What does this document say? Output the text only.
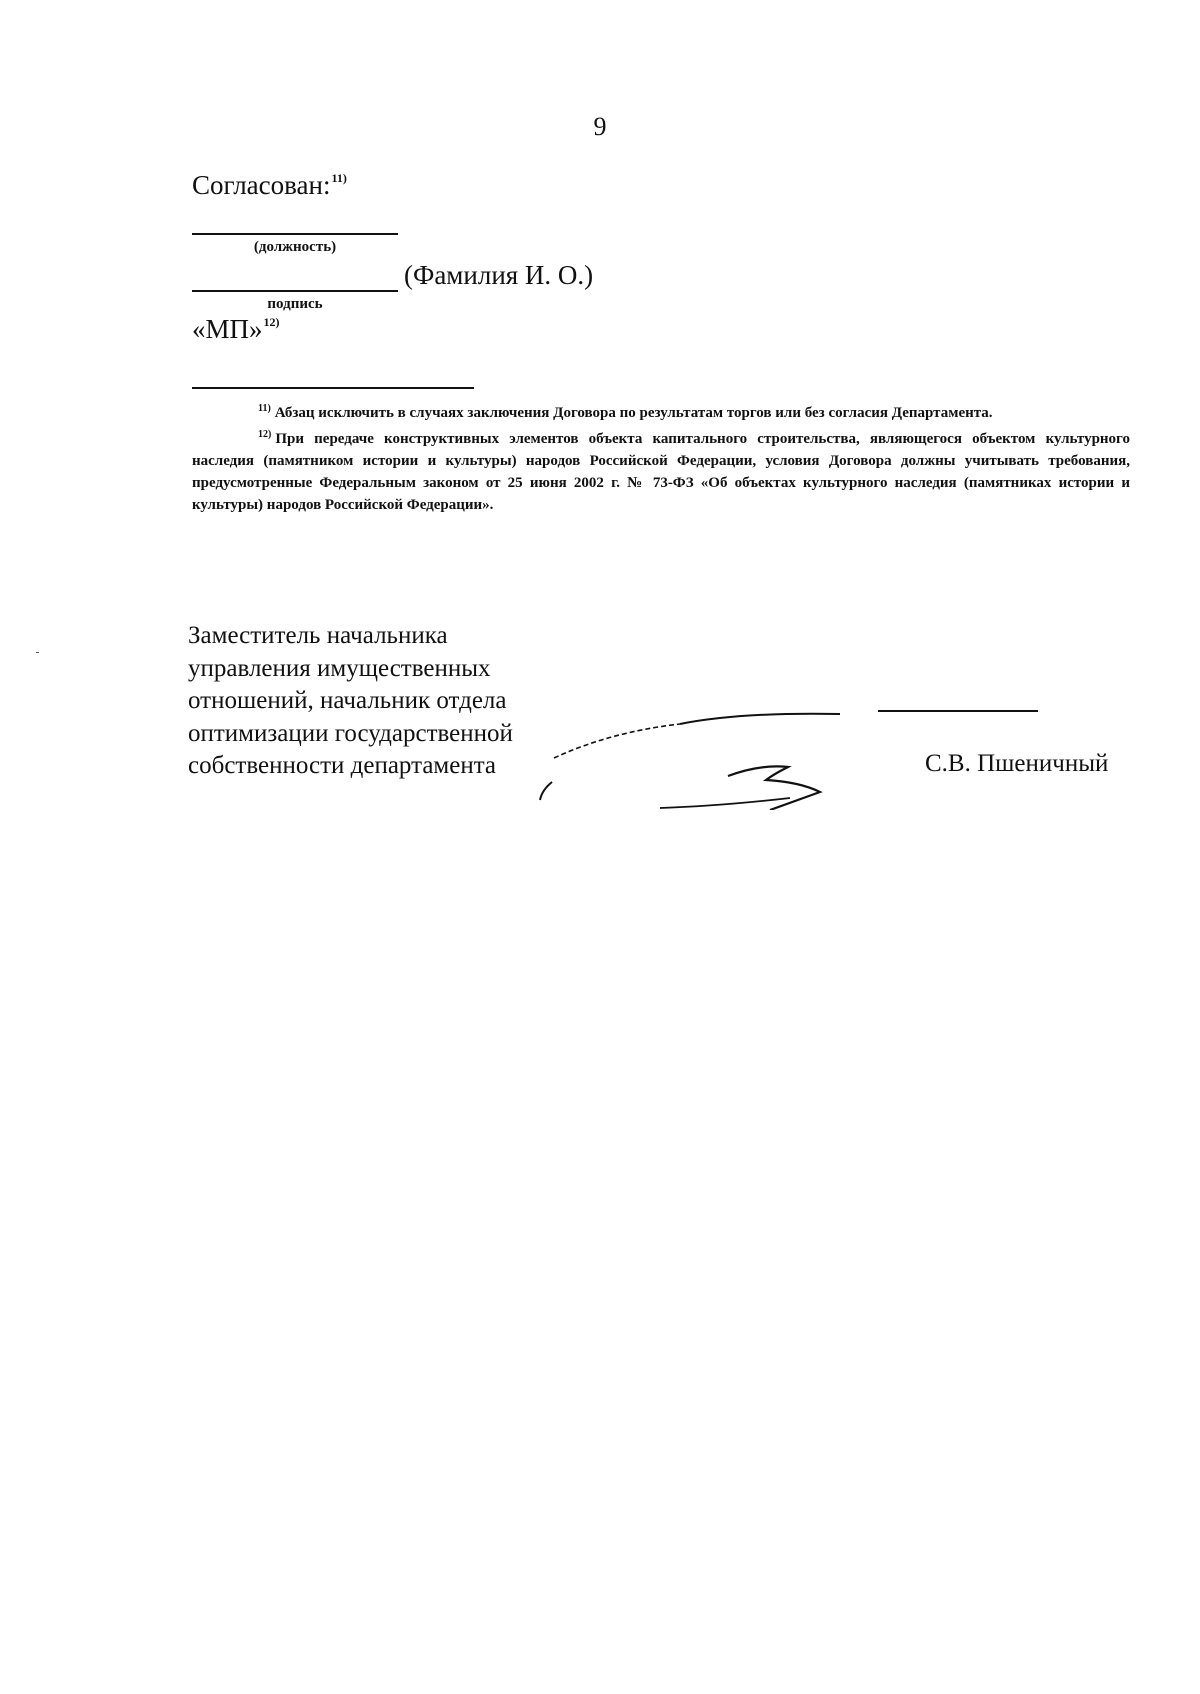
9
Согласован:$^{11)}$
(должность)
(Фамилия И. О.)
подпись
«МП»$^{12)}$

$^{11)}$ Абзац исключить в случаях заключения Договора по результатам торгов или без согласия Департамента.

$^{12)}$ При передаче конструктивных элементов объекта капитального строительства, являющегося объектом культурного наследия (памятником истории и культуры) народов Российской Федерации, условия Договора должны учитывать требования, предусмотренные Федеральным законом от 25 июня 2002 г. № 73-ФЗ «Об объектах культурного наследия (памятниках истории и культуры) народов Российской Федерации».

Заместитель начальника
управления имущественных
отношений, начальник отдела
оптимизации государственной
собственности департамента	С.В. Пшеничный
